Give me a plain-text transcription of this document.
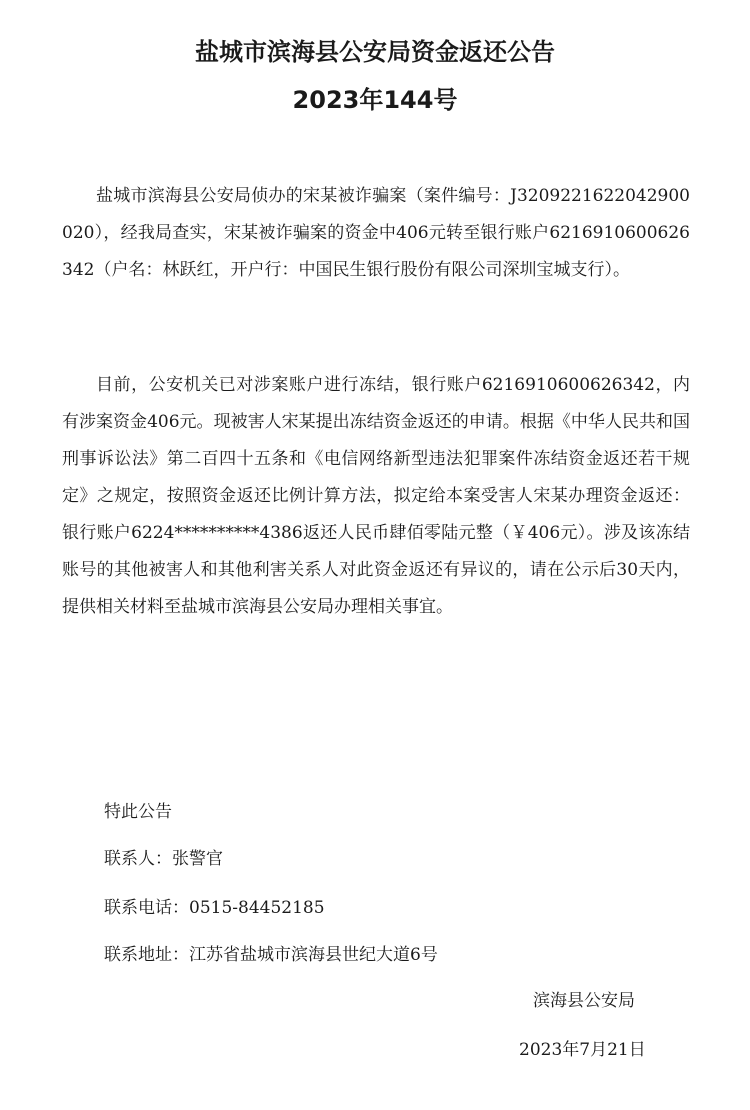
盐城市滨海县公安局资金返还公告
2023年144号

盐城市滨海县公安局侦办的宋某被诈骗案（案件编号：J3209221622042900020），经我局查实，宋某被诈骗案的资金中406元转至银行账户6216910600626342（户名：林跃红，开户行：中国民生银行股份有限公司深圳宝城支行）。

目前，公安机关已对涉案账户进行冻结，银行账户6216910600626342，内有涉案资金406元。现被害人宋某提出冻结资金返还的申请。根据《中华人民共和国刑事诉讼法》第二百四十五条和《电信网络新型违法犯罪案件冻结资金返还若干规定》之规定，按照资金返还比例计算方法，拟定给本案受害人宋某办理资金返还：银行账户6224**********4386返还人民币肆佰零陆元整（￥406元）。涉及该冻结账号的其他被害人和其他利害关系人对此资金返还有异议的，请在公示后30天内，提供相关材料至盐城市滨海县公安局办理相关事宜。

特此公告

联系人：张警官

联系电话：0515-84452185

联系地址：江苏省盐城市滨海县世纪大道6号

滨海县公安局

2023年7月21日
